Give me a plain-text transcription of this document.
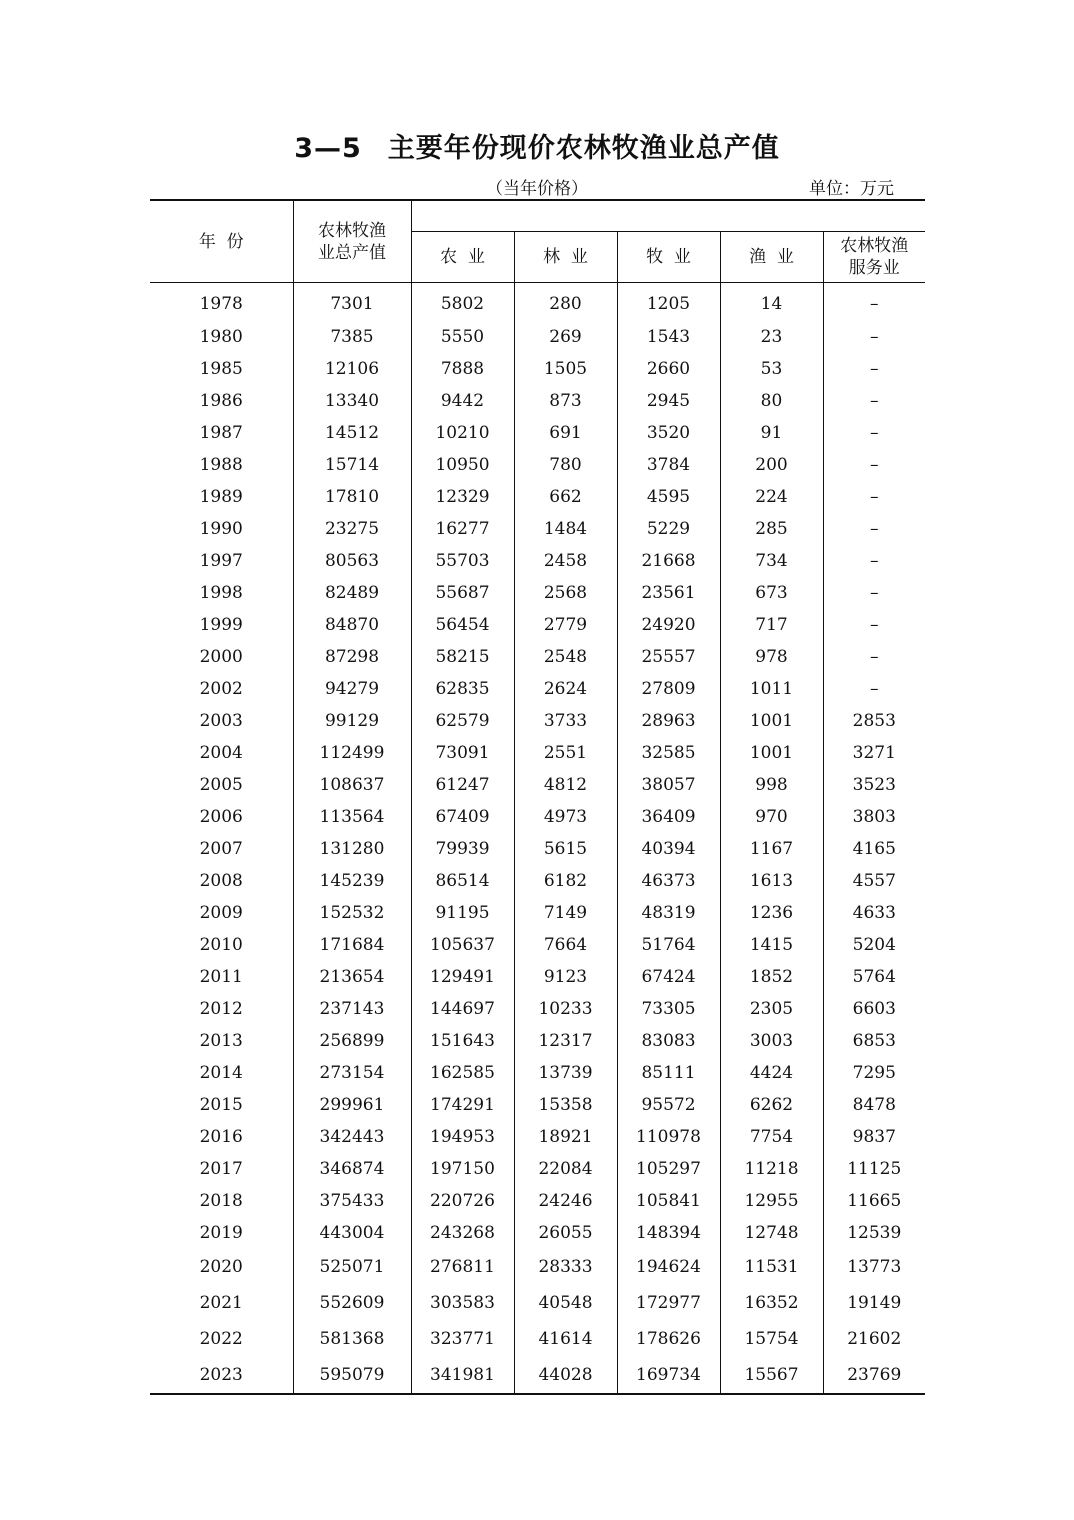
3—5 主要年份现价农林牧渔业总产值
（当年价格）	单位：万元
年  份	农林牧渔
业总产值					

		农  业	林  业	牧  业	渔  业	农林牧渔
服务业

1978	7301	5802	280	1205	14	–
1980	7385	5550	269	1543	23	–
1985	12106	7888	1505	2660	53	–
1986	13340	9442	873	2945	80	–
1987	14512	10210	691	3520	91	–
1988	15714	10950	780	3784	200	–
1989	17810	12329	662	4595	224	–
1990	23275	16277	1484	5229	285	–
1997	80563	55703	2458	21668	734	–
1998	82489	55687	2568	23561	673	–
1999	84870	56454	2779	24920	717	–
2000	87298	58215	2548	25557	978	–
2002	94279	62835	2624	27809	1011	–
2003	99129	62579	3733	28963	1001	2853
2004	112499	73091	2551	32585	1001	3271
2005	108637	61247	4812	38057	998	3523
2006	113564	67409	4973	36409	970	3803
2007	131280	79939	5615	40394	1167	4165
2008	145239	86514	6182	46373	1613	4557
2009	152532	91195	7149	48319	1236	4633
2010	171684	105637	7664	51764	1415	5204
2011	213654	129491	9123	67424	1852	5764
2012	237143	144697	10233	73305	2305	6603
2013	256899	151643	12317	83083	3003	6853
2014	273154	162585	13739	85111	4424	7295
2015	299961	174291	15358	95572	6262	8478
2016	342443	194953	18921	110978	7754	9837
2017	346874	197150	22084	105297	11218	11125
2018	375433	220726	24246	105841	12955	11665
2019	443004	243268	26055	148394	12748	12539
2020	525071	276811	28333	194624	11531	13773
2021	552609	303583	40548	172977	16352	19149
2022	581368	323771	41614	178626	15754	21602
2023	595079	341981	44028	169734	15567	23769
